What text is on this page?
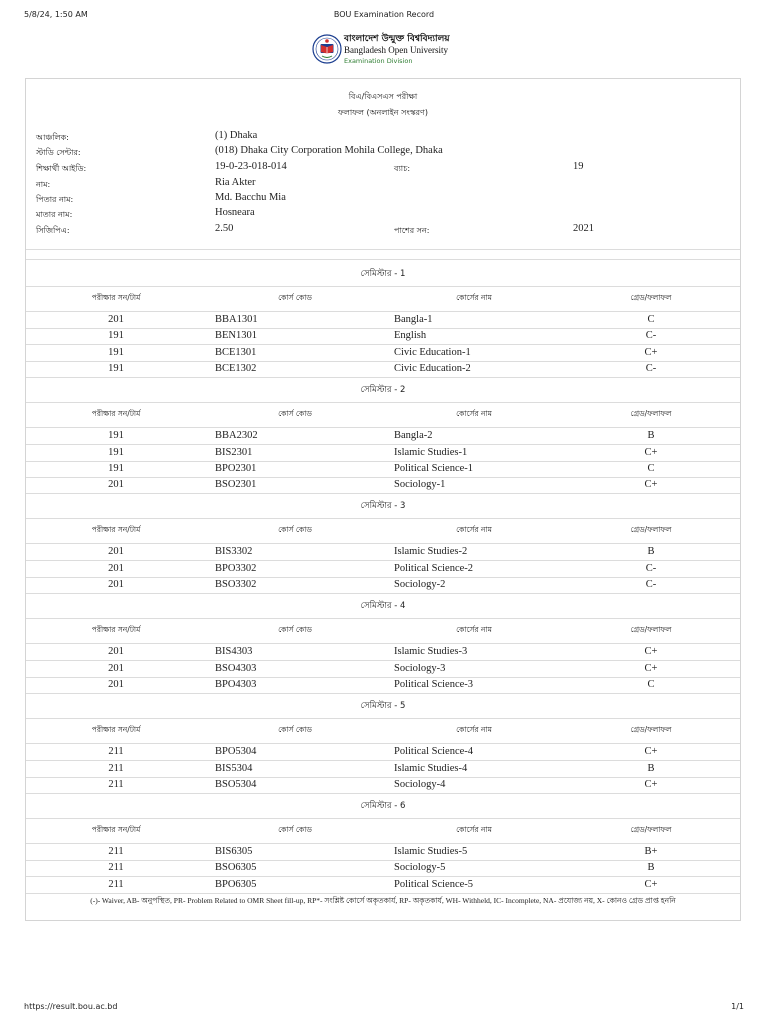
5/8/24, 1:50 AM	BOU Examination Record
বাংলাদেশ উন্মুক্ত বিশ্ববিদ্যালয়
Bangladesh Open University
Examination Division
বিএ/বিএসএস পরীক্ষা
ফলাফল (অনলাইন সংস্করণ)
আঞ্চলিক:	(1) Dhaka
স্টাডি সেন্টার:	(018) Dhaka City Corporation Mohila College, Dhaka
শিক্ষার্থী আইডি:	19-0-23-018-014	ব্যাচ:	19
নাম:	Ria Akter
পিতার নাম:	Md. Bacchu Mia
মাতার নাম:	Hosneara
সিজিপিএ:	2.50	পাশের সন:	2021
সেমিস্টার - 1
পরীক্ষার সন/টার্ম	কোর্স কোড	কোর্সের নাম	গ্রেড/ফলাফল
201	BBA1301	Bangla-1	C
191	BEN1301	English	C-
191	BCE1301	Civic Education-1	C+
191	BCE1302	Civic Education-2	C-
সেমিস্টার - 2
পরীক্ষার সন/টার্ম	কোর্স কোড	কোর্সের নাম	গ্রেড/ফলাফল
191	BBA2302	Bangla-2	B
191	BIS2301	Islamic Studies-1	C+
191	BPO2301	Political Science-1	C
201	BSO2301	Sociology-1	C+
সেমিস্টার - 3
পরীক্ষার সন/টার্ম	কোর্স কোড	কোর্সের নাম	গ্রেড/ফলাফল
201	BIS3302	Islamic Studies-2	B
201	BPO3302	Political Science-2	C-
201	BSO3302	Sociology-2	C-
সেমিস্টার - 4
পরীক্ষার সন/টার্ম	কোর্স কোড	কোর্সের নাম	গ্রেড/ফলাফল
201	BIS4303	Islamic Studies-3	C+
201	BSO4303	Sociology-3	C+
201	BPO4303	Political Science-3	C
সেমিস্টার - 5
পরীক্ষার সন/টার্ম	কোর্স কোড	কোর্সের নাম	গ্রেড/ফলাফল
211	BPO5304	Political Science-4	C+
211	BIS5304	Islamic Studies-4	B
211	BSO5304	Sociology-4	C+
সেমিস্টার - 6
পরীক্ষার সন/টার্ম	কোর্স কোড	কোর্সের নাম	গ্রেড/ফলাফল
211	BIS6305	Islamic Studies-5	B+
211	BSO6305	Sociology-5	B
211	BPO6305	Political Science-5	C+
(-)- Waiver, AB- অনুপস্থিত, PR- Problem Related to OMR Sheet fill-up, RP*- সংশ্লিষ্ট কোর্সে অকৃতকার্য, RP- অকৃতকার্য, WH- Withheld, IC- Incomplete, NA- প্রযোজ্য নয়, X- কোনও গ্রেড প্রাপ্ত হননি
https://result.bou.ac.bd	1/1
